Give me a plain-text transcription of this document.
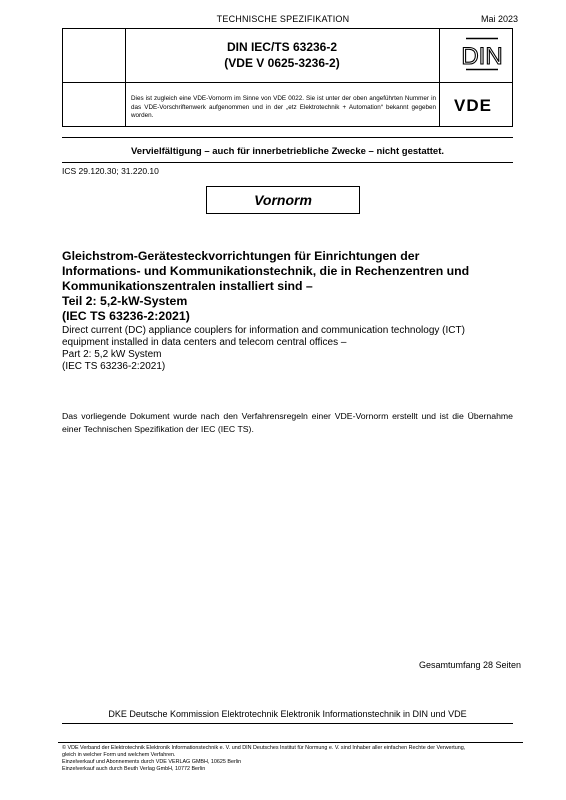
TECHNISCHE SPEZIFIKATION	Mai 2023
DIN IEC/TS 63236-2
(VDE V 0625-3236-2)	DIN
Dies ist zugleich eine VDE-Vornorm im Sinne von VDE 0022. Sie ist unter der oben angeführten Nummer in das VDE-Vorschriftenwerk aufgenommen und in der „etz Elektrotechnik + Automation“ bekannt gegeben worden.
VDE
Vervielfältigung – auch für innerbetriebliche Zwecke – nicht gestattet.
ICS 29.120.30; 31.220.10
Vornorm
Gleichstrom-Gerätesteckvorrichtungen für Einrichtungen der
Informations- und Kommunikationstechnik, die in Rechenzentren und
Kommunikationszentralen installiert sind –
Teil 2: 5,2-kW-System
(IEC TS 63236-2:2021)
Direct current (DC) appliance couplers for information and communication technology (ICT)
equipment installed in data centers and telecom central offices –
Part 2: 5,2 kW System
(IEC TS 63236-2:2021)
Das vorliegende Dokument wurde nach den Verfahrensregeln einer VDE-Vornorm erstellt und ist die Übernahme einer Technischen Spezifikation der IEC (IEC TS).
Gesamtumfang 28 Seiten
DKE Deutsche Kommission Elektrotechnik Elektronik Informationstechnik in DIN und VDE
© VDE Verband der Elektrotechnik Elektronik Informationstechnik e. V. und DIN Deutsches Institut für Normung e. V. sind Inhaber aller einfachen Rechte der Verwertung,
gleich in welcher Form und welchem Verfahren.
Einzelverkauf und Abonnements durch VDE VERLAG GMBH, 10625 Berlin
Einzelverkauf auch durch Beuth Verlag GmbH, 10772 Berlin
